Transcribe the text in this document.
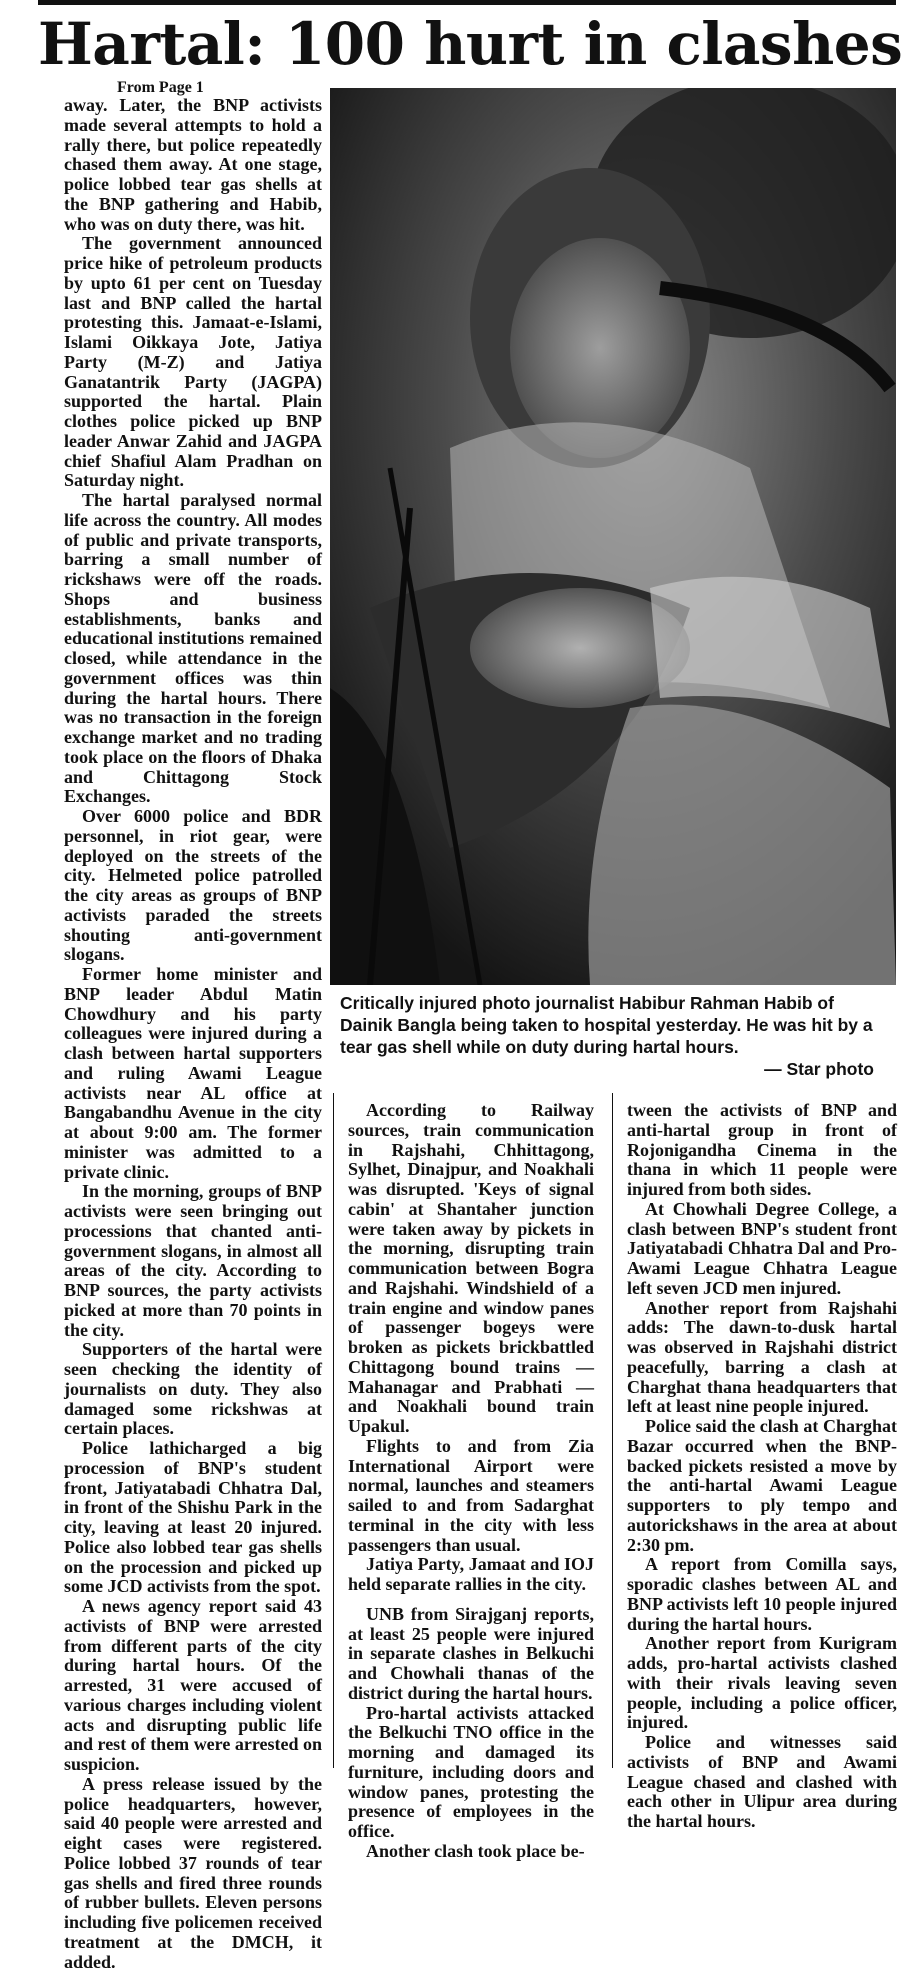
Hartal: 100 hurt in clashes
From Page 1

away. Later, the BNP activists made several attempts to hold a rally there, but police repeatedly chased them away. At one stage, police lobbed tear gas shells at the BNP gathering and Habib, who was on duty there, was hit.

The government announced price hike of petroleum products by upto 61 per cent on Tuesday last and BNP called the hartal protesting this. Jamaat-e-Islami, Islami Oikkaya Jote, Jatiya Party (M-Z) and Jatiya Ganatantrik Party (JAGPA) supported the hartal. Plain clothes police picked up BNP leader Anwar Zahid and JAGPA chief Shafiul Alam Pradhan on Saturday night.

The hartal paralysed normal life across the country. All modes of public and private transports, barring a small number of rickshaws were off the roads. Shops and business establishments, banks and educational institutions remained closed, while attendance in the government offices was thin during the hartal hours. There was no transaction in the foreign exchange market and no trading took place on the floors of Dhaka and Chittagong Stock Exchanges.

Over 6000 police and BDR personnel, in riot gear, were deployed on the streets of the city. Helmeted police patrolled the city areas as groups of BNP activists paraded the streets shouting anti-government slogans.

Former home minister and BNP leader Abdul Matin Chowdhury and his party colleagues were injured during a clash between hartal supporters and ruling Awami League activists near AL office at Bangabandhu Avenue in the city at about 9:00 am. The former minister was admitted to a private clinic.

In the morning, groups of BNP activists were seen bringing out processions that chanted anti-government slogans, in almost all areas of the city. According to BNP sources, the party activists picked at more than 70 points in the city.

Supporters of the hartal were seen checking the identity of journalists on duty. They also damaged some rickshwas at certain places.

Police lathicharged a big procession of BNP's student front, Jatiyatabadi Chhatra Dal, in front of the Shishu Park in the city, leaving at least 20 injured. Police also lobbed tear gas shells on the procession and picked up some JCD activists from the spot.

A news agency report said 43 activists of BNP were arrested from different parts of the city during hartal hours. Of the arrested, 31 were accused of various charges including violent acts and disrupting public life and rest of them were arrested on suspicion.

A press release issued by the police headquarters, however, said 40 people were arrested and eight cases were registered. Police lobbed 37 rounds of tear gas shells and fired three rounds of rubber bullets. Eleven persons including five policemen received treatment at the DMCH, it added.

Critically injured photo journalist Habibur Rahman Habib of Dainik Bangla being taken to hospital yesterday. He was hit by a tear gas shell while on duty during hartal hours.

— Star photo

According to Railway sources, train communication in Rajshahi, Chhittagong, Sylhet, Dinajpur, and Noakhali was disrupted. 'Keys of signal cabin' at Shantaher junction were taken away by pickets in the morning, disrupting train communication between Bogra and Rajshahi. Windshield of a train engine and window panes of passenger bogeys were broken as pickets brickbattled Chittagong bound trains — Mahanagar and Prabhati — and Noakhali bound train Upakul.

Flights to and from Zia International Airport were normal, launches and steamers sailed to and from Sadarghat terminal in the city with less passengers than usual.

Jatiya Party, Jamaat and IOJ held separate rallies in the city.

UNB from Sirajganj reports, at least 25 people were injured in separate clashes in Belkuchi and Chowhali thanas of the district during the hartal hours.

Pro-hartal activists attacked the Belkuchi TNO office in the morning and damaged its furniture, including doors and window panes, protesting the presence of employees in the office.

Another clash took place be-

tween the activists of BNP and anti-hartal group in front of Rojonigandha Cinema in the thana in which 11 people were injured from both sides.

At Chowhali Degree College, a clash between BNP's student front Jatiyatabadi Chhatra Dal and Pro-Awami League Chhatra League left seven JCD men injured.

Another report from Rajshahi adds: The dawn-to-dusk hartal was observed in Rajshahi district peacefully, barring a clash at Charghat thana headquarters that left at least nine people injured.

Police said the clash at Charghat Bazar occurred when the BNP-backed pickets resisted a move by the anti-hartal Awami League supporters to ply tempo and autorickshaws in the area at about 2:30 pm.

A report from Comilla says, sporadic clashes between AL and BNP activists left 10 people injured during the hartal hours.

Another report from Kurigram adds, pro-hartal activists clashed with their rivals leaving seven people, including a police officer, injured.

Police and witnesses said activists of BNP and Awami League chased and clashed with each other in Ulipur area during the hartal hours.
